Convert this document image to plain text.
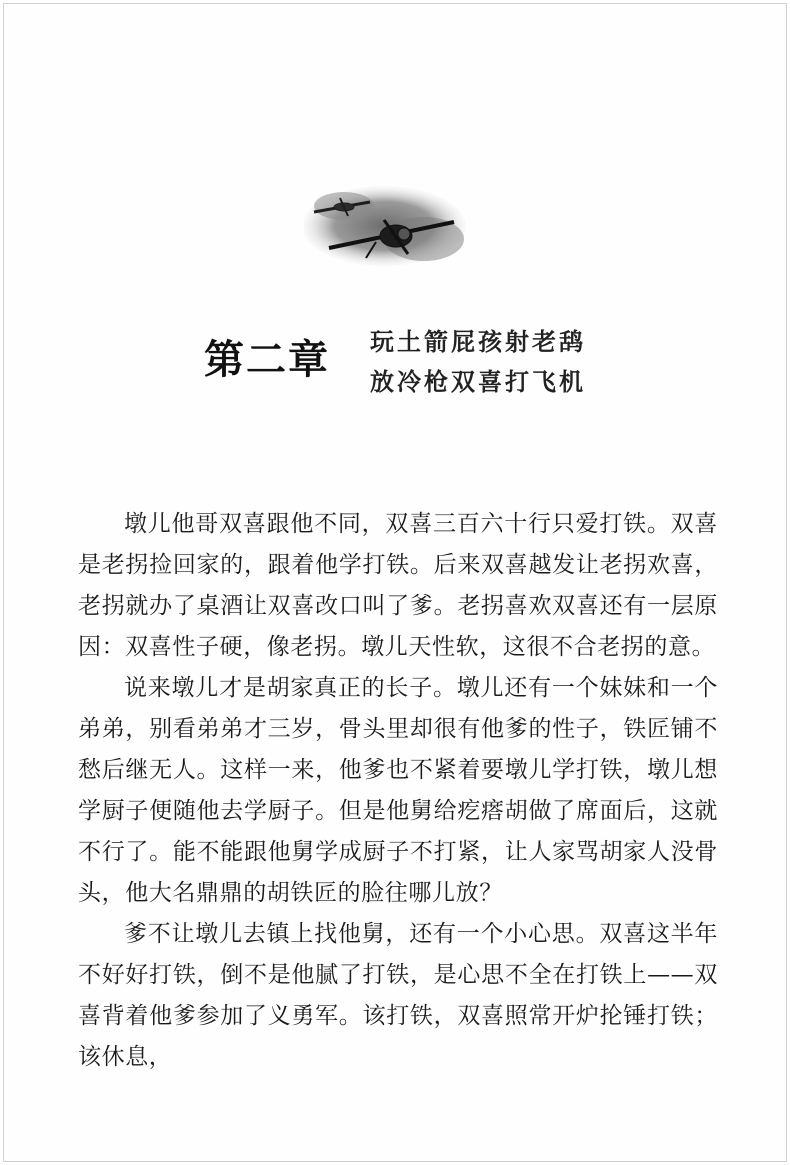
第二章 玩土箭屁孩射老鸹
放冷枪双喜打飞机

墩儿他哥双喜跟他不同，双喜三百六十行只爱打铁。双喜是老拐捡回家的，跟着他学打铁。后来双喜越发让老拐欢喜，老拐就办了桌酒让双喜改口叫了爹。老拐喜欢双喜还有一层原因：双喜性子硬，像老拐。墩儿天性软，这很不合老拐的意。

说来墩儿才是胡家真正的长子。墩儿还有一个妹妹和一个弟弟，别看弟弟才三岁，骨头里却很有他爹的性子，铁匠铺不愁后继无人。这样一来，他爹也不紧着要墩儿学打铁，墩儿想学厨子便随他去学厨子。但是他舅给疙瘩胡做了席面后，这就不行了。能不能跟他舅学成厨子不打紧，让人家骂胡家人没骨头，他大名鼎鼎的胡铁匠的脸往哪儿放？

爹不让墩儿去镇上找他舅，还有一个小心思。双喜这半年不好好打铁，倒不是他腻了打铁，是心思不全在打铁上——双喜背着他爹参加了义勇军。该打铁，双喜照常开炉抡锤打铁；该休息，
